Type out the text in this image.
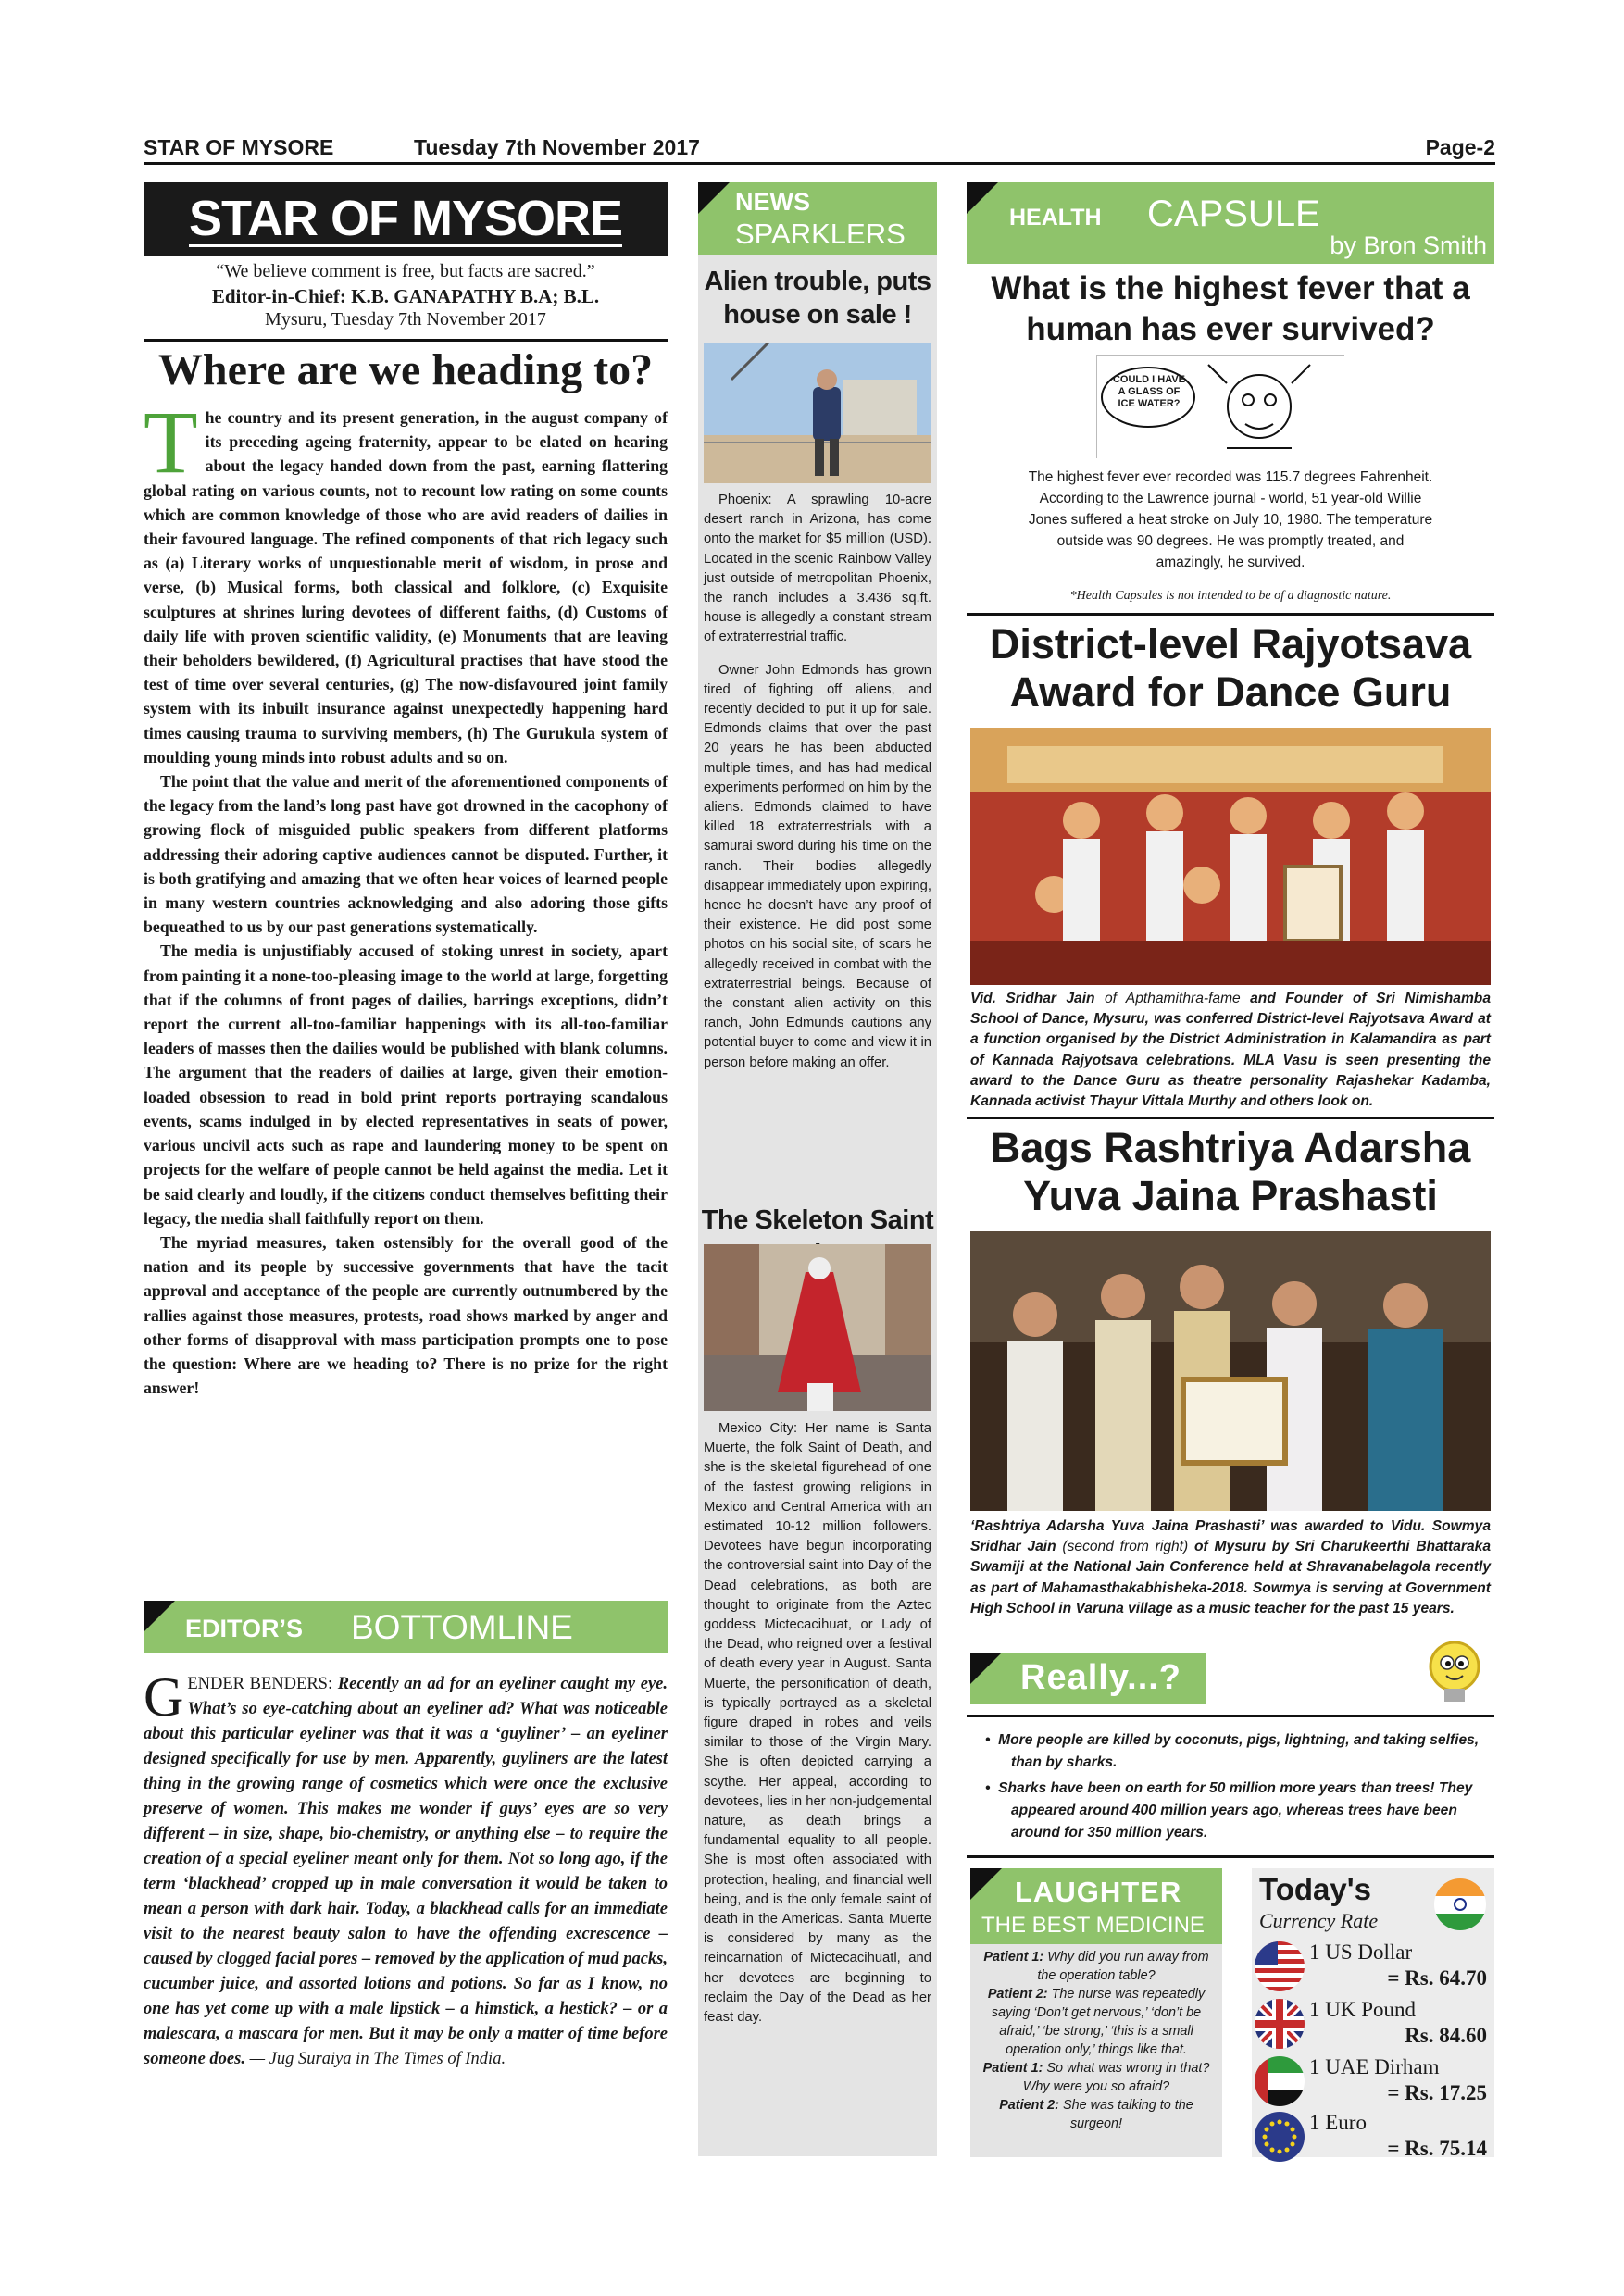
STAR OF MYSORE	Tuesday 7th November 2017	Page-2
STAR OF MYSORE
“We believe comment is free, but facts are sacred.”
Editor-in-Chief: K.B. GANAPATHY B.A; B.L.
Mysuru, Tuesday 7th November 2017
Where are we heading to?

The country and its present generation, in the august company of its preceding ageing fraternity, appear to be elated on hearing about the legacy handed down from the past, earning flattering global rating on various counts, not to recount low rating on some counts which are common knowledge of those who are avid readers of dailies in their favoured language. The refined components of that rich legacy such as (a) Literary works of unquestionable merit of wisdom, in prose and verse, (b) Musical forms, both classical and folklore, (c) Exquisite sculptures at shrines luring devotees of different faiths, (d) Customs of daily life with proven scientific validity, (e) Monuments that are leaving their beholders bewildered, (f) Agricultural practises that have stood the test of time over several centuries, (g) The now-disfavoured joint family system with its inbuilt insurance against unexpectedly happening hard times causing trauma to surviving members, (h) The Gurukula system of moulding young minds into robust adults and so on.

The point that the value and merit of the aforementioned components of the legacy from the land’s long past have got drowned in the cacophony of growing flock of misguided public speakers from different platforms addressing their adoring captive audiences cannot be disputed. Further, it is both gratifying and amazing that we often hear voices of learned people in many western countries acknowledging and also adoring those gifts bequeathed to us by our past generations systematically.

The media is unjustifiably accused of stoking unrest in society, apart from painting it a none-too-pleasing image to the world at large, forgetting that if the columns of front pages of dailies, barrings exceptions, didn’t report the current all-too-familiar happenings with its all-too-familiar leaders of masses then the dailies would be published with blank columns. The argument that the readers of dailies at large, given their emotion-loaded obsession to read in bold print reports portraying scandalous events, scams indulged in by elected representatives in seats of power, various uncivil acts such as rape and laundering money to be spent on projects for the welfare of people cannot be held against the media. Let it be said clearly and loudly, if the citizens conduct themselves befitting their legacy, the media shall faithfully report on them.

The myriad measures, taken ostensibly for the overall good of the nation and its people by successive governments that have the tacit approval and acceptance of the people are currently outnumbered by the rallies against those measures, protests, road shows marked by anger and other forms of disapproval with mass participation prompts one to pose the question: Where are we heading to? There is no prize for the right answer!

EDITOR’S BOTTOMLINE
GENDER BENDERS: Recently an ad for an eyeliner caught my eye. What’s so eye-catching about an eyeliner ad? What was noticeable about this particular eyeliner was that it was a ‘guyliner’ – an eyeliner designed specifically for use by men. Apparently, guyliners are the latest thing in the growing range of cosmetics which were once the exclusive preserve of women. This makes me wonder if guys’ eyes are so very different – in size, shape, bio-chemistry, or anything else – to require the creation of a special eyeliner meant only for them. Not so long ago, if the term ‘blackhead’ cropped up in male conversation it would be taken to mean a person with dark hair. Today, a blackhead calls for an immediate visit to the nearest beauty salon to have the offending excrescence – caused by clogged facial pores – removed by the application of mud packs, cucumber juice, and assorted lotions and potions. So far as I know, no one has yet come up with a male lipstick – a himstick, a hestick? – or a malescara, a mascara for men. But it may be only a matter of time before someone does. — Jug Suraiya in The Times of India.
NEWS
SPARKLERS
Alien trouble, puts house on sale !

Phoenix: A sprawling 10-acre desert ranch in Arizona, has come onto the market for $5 million (USD). Located in the scenic Rainbow Valley just outside of metropolitan Phoenix, the ranch includes a 3.436 sq.ft. house is allegedly a constant stream of extraterrestrial traffic.

Owner John Edmonds has grown tired of fighting off aliens, and recently decided to put it up for sale. Edmonds claims that over the past 20 years he has been abducted multiple times, and has had medical experiments performed on him by the aliens. Edmonds claimed to have killed 18 extraterrestrials with a samurai sword during his time on the ranch. Their bodies allegedly disappear immediately upon expiring, hence he doesn’t have any proof of their existence. He did post some photos on his social site, of scars he allegedly received in combat with the extraterrestrial beings. Because of the constant alien activity on this ranch, John Edmunds cautions any potential buyer to come and view it in person before making an offer.

The Skeleton Saint

Mexico City: Her name is Santa Muerte, the folk Saint of Death, and she is the skeletal figurehead of one of the fastest growing religions in Mexico and Central America with an estimated 10-12 million followers. Devotees have begun incorporating the controversial saint into Day of the Dead celebrations, as both are thought to originate from the Aztec goddess Mictecacihuat, or Lady of the Dead, who reigned over a festival of death every year in August. Santa Muerte, the personification of death, is typically portrayed as a skeletal figure draped in robes and veils similar to those of the Virgin Mary. She is often depicted carrying a scythe. Her appeal, according to devotees, lies in her non-judgemental nature, as death brings a fundamental equality to all people. She is most often associated with protection, healing, and financial well being, and is the only female saint of death in the Americas. Santa Muerte is considered by many as the reincarnation of Mictecacihuatl, and her devotees are beginning to reclaim the Day of the Dead as her feast day.

HEALTH CAPSULE
by Bron Smith
What is the highest fever that a human has ever survived?
COULD I HAVE A GLASS OF ICE WATER?
The highest fever ever recorded was 115.7 degrees Fahrenheit. According to the Lawrence journal - world, 51 year-old Willie Jones suffered a heat stroke on July 10, 1980. The temperature outside was 90 degrees. He was promptly treated, and amazingly, he survived.
*Health Capsules is not intended to be of a diagnostic nature.
District-level Rajyotsava Award for Dance Guru
Vid. Sridhar Jain of Apthamithra-fame and Founder of Sri Nimishamba School of Dance, Mysuru, was conferred District-level Rajyotsava Award at a function organised by the District Administration in Kalamandira as part of Kannada Rajyotsava celebrations. MLA Vasu is seen presenting the award to the Dance Guru as theatre personality Rajashekar Kadamba, Kannada activist Thayur Vittala Murthy and others look on.
Bags Rashtriya Adarsha Yuva Jaina Prashasti
‘Rashtriya Adarsha Yuva Jaina Prashasti’ was awarded to Vidu. Sowmya Sridhar Jain (second from right) of Mysuru by Sri Charukeerthi Bhattaraka Swamiji at the National Jain Conference held at Shravanabelagola recently as part of Mahamasthakabhisheka-2018. Sowmya is serving at Government High School in Varuna village as a music teacher for the past 15 years.
Really...?
•  More people are killed by coconuts, pigs, lightning, and taking selfies, than by sharks.
•  Sharks have been on earth for 50 million more years than trees! They appeared around 400 million years ago, whereas trees have been around for 350 million years.
LAUGHTER
THE BEST MEDICINE

Patient 1: Why did you run away from the operation table?

Patient 2: The nurse was repeatedly saying ‘Don’t get nervous,’ ‘don’t be afraid,’ ‘be strong,’ ‘this is a small operation only,’ things like that.

Patient 1: So what was wrong in that? Why were you so afraid?

Patient 2: She was talking to the surgeon!

Today's
Currency Rate
1 US Dollar
= Rs. 64.70
1 UK Pound
Rs. 84.60
1 UAE Dirham
= Rs. 17.25
1 Euro
= Rs. 75.14
